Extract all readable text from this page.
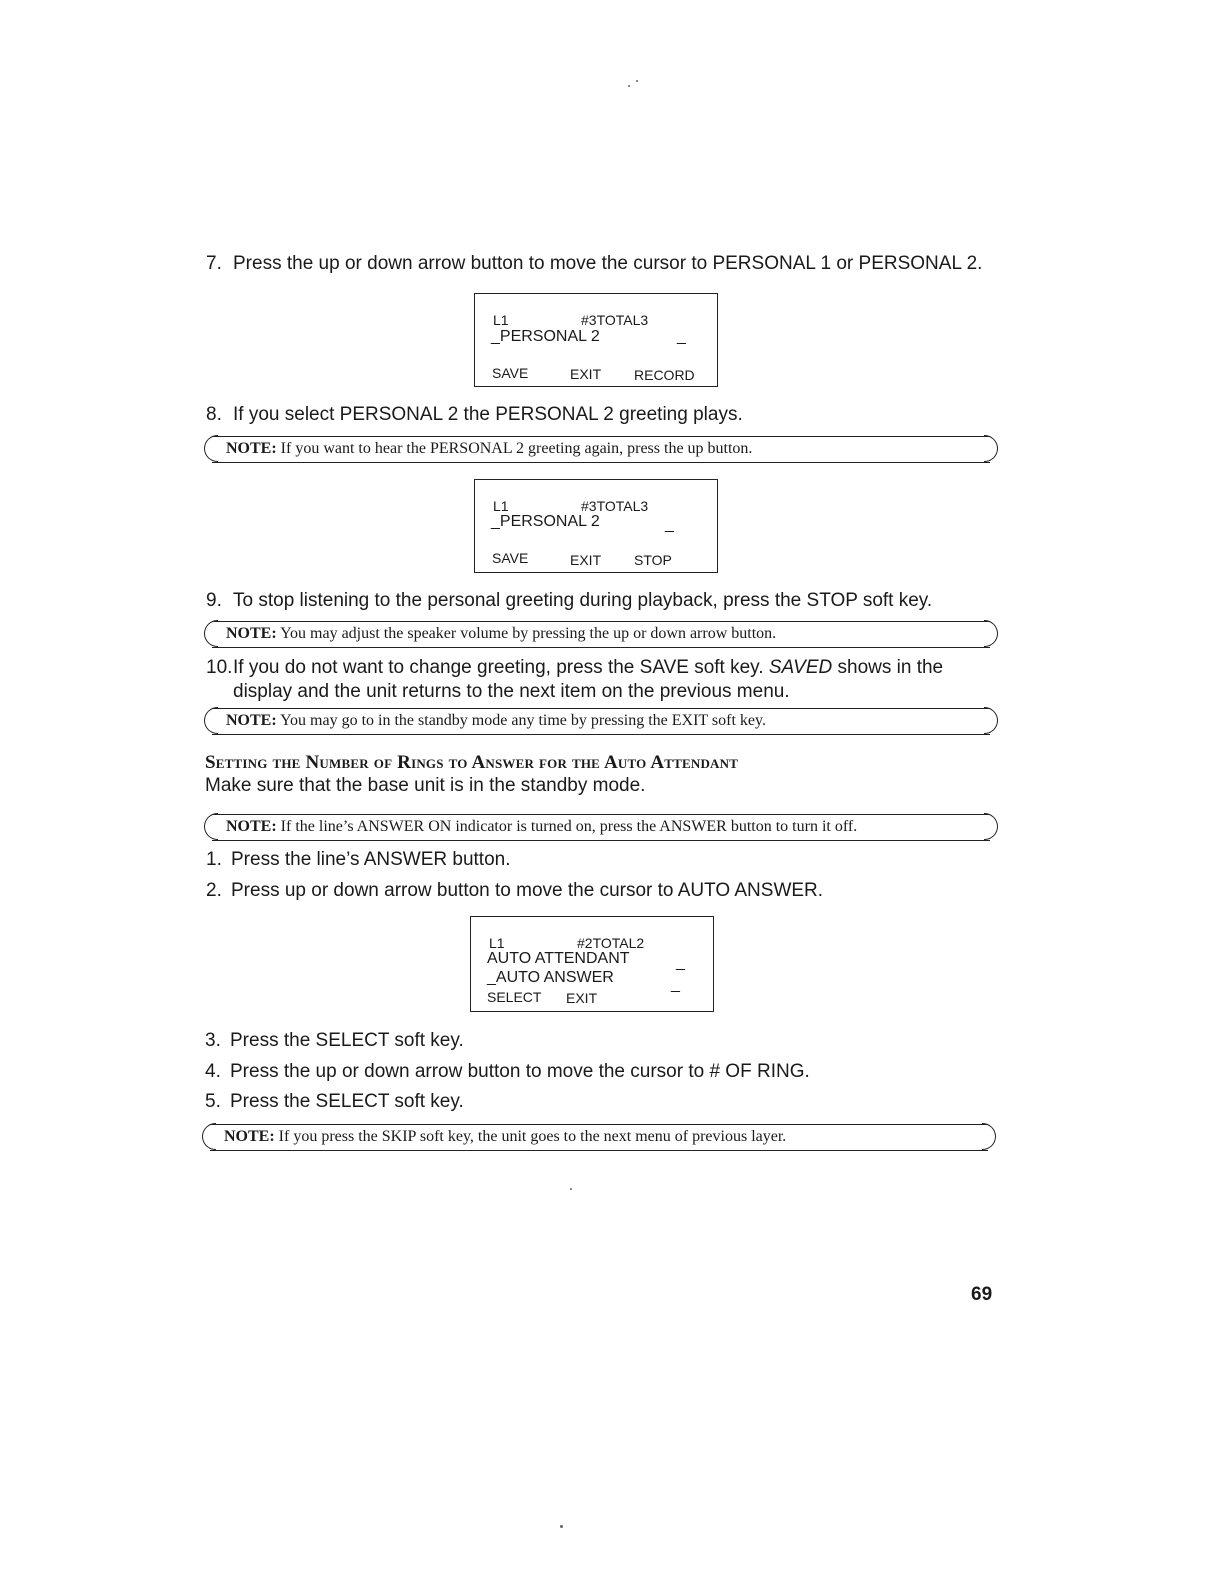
7. Press the up or down arrow button to move the cursor to PERSONAL 1 or PERSONAL 2.
L1	#3TOTAL3
_PERSONAL 2	_
SAVE	EXIT RECORD
8. If you select PERSONAL 2 the PERSONAL 2 greeting plays.
NOTE: If you want to hear the PERSONAL 2 greeting again, press the up button.
L1	#3TOTAL3
_PERSONAL 2	_
SAVE	EXIT STOP
9. To stop listening to the personal greeting during playback, press the STOP soft key.
NOTE: You may adjust the speaker volume by pressing the up or down arrow button.
10.If you do not want to change greeting, press the SAVE soft key. SAVED shows in the
display and the unit returns to the next item on the previous menu.
NOTE: You may go to in the standby mode any time by pressing the EXIT soft key.
Setting the Number of Rings to Answer for the Auto Attendant
Make sure that the base unit is in the standby mode.
NOTE: If the line’s ANSWER ON indicator is turned on, press the ANSWER button to turn it off.
1. Press the line’s ANSWER button.
2. Press up or down arrow button to move the cursor to AUTO ANSWER.
L1	#2TOTAL2
AUTO ATTENDANT	_
_AUTO ANSWER	_
SELECT EXIT
3. Press the SELECT soft key.
4. Press the up or down arrow button to move the cursor to # OF RING.
5. Press the SELECT soft key.
NOTE: If you press the SKIP soft key, the unit goes to the next menu of previous layer.
69
